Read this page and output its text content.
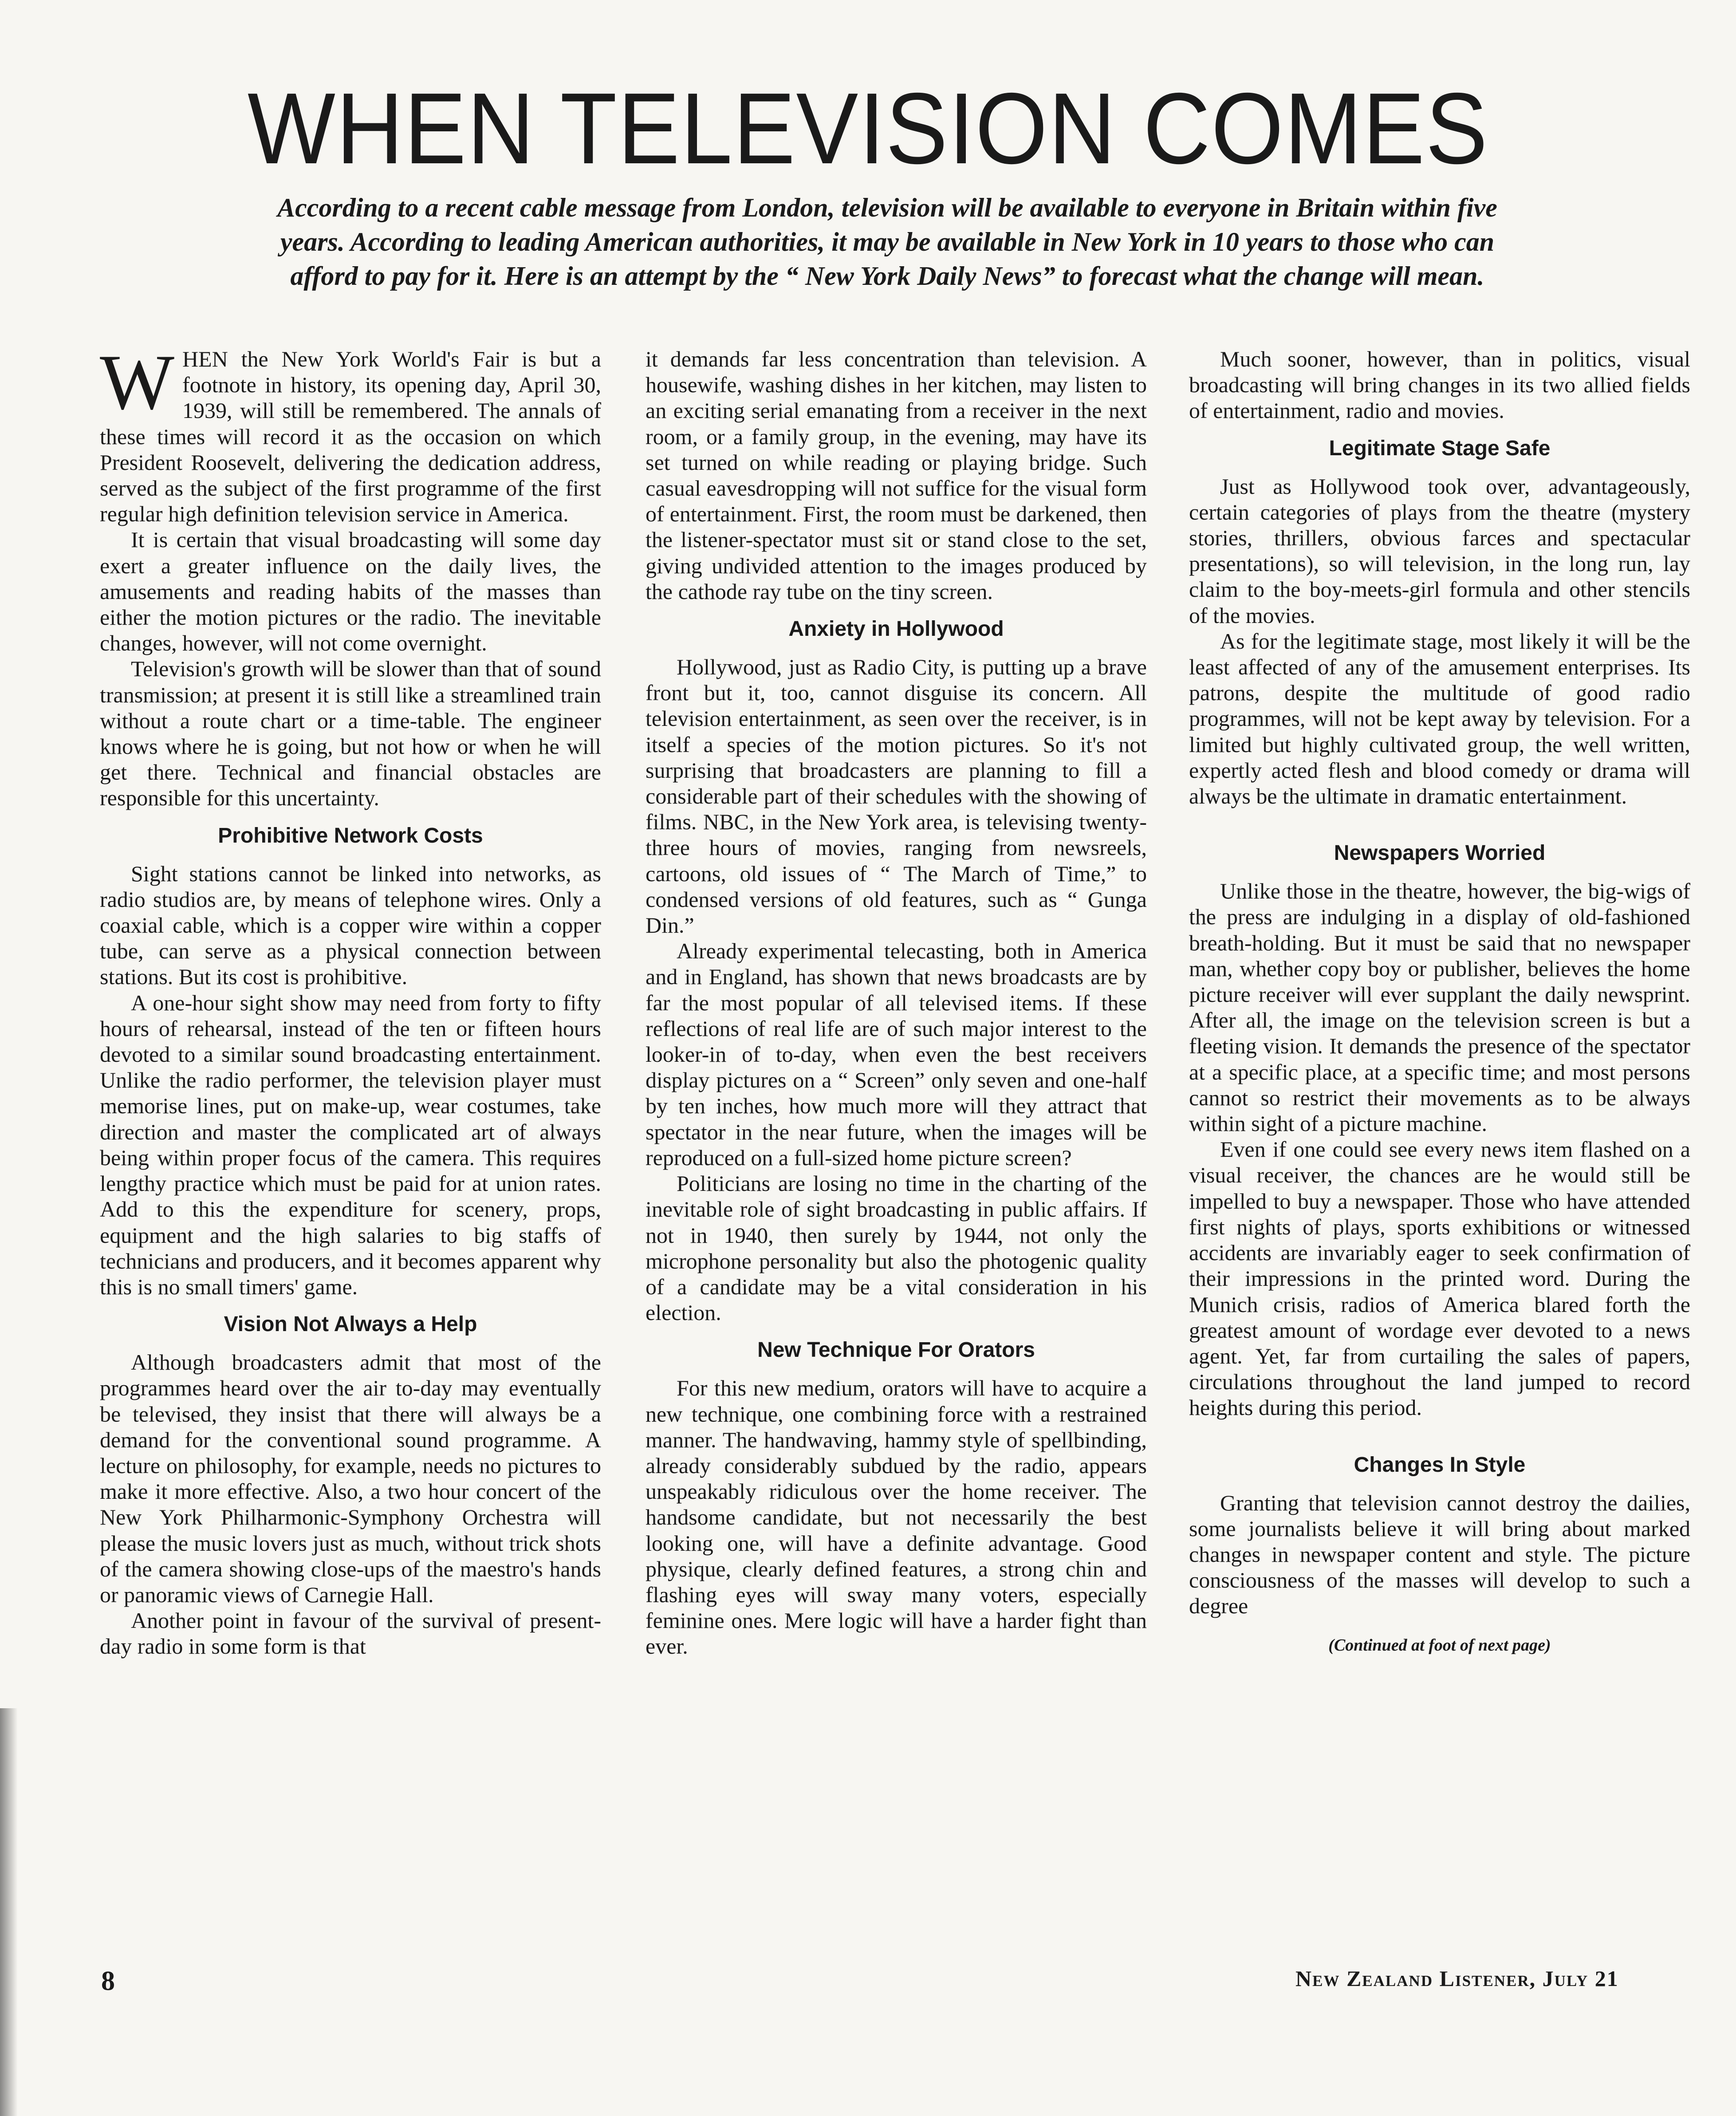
WHEN TELEVISION COMES
According to a recent cable message from London, television will be available to everyone in Britain within five years. According to leading American authorities, it may be available in New York in 10 years to those who can afford to pay for it. Here is an attempt by the “ New York Daily News” to forecast what the change will mean.

WHEN the New York World's Fair is but a footnote in history, its opening day, April 30, 1939, will still be remembered. The annals of these times will record it as the occasion on which President Roosevelt, delivering the dedication address, served as the subject of the first programme of the first regular high definition television service in America.

It is certain that visual broadcasting will some day exert a greater influence on the daily lives, the amusements and reading habits of the masses than either the motion pictures or the radio. The inevitable changes, however, will not come overnight.

Television's growth will be slower than that of sound transmission; at present it is still like a streamlined train without a route chart or a time-table. The engineer knows where he is going, but not how or when he will get there. Technical and financial obstacles are responsible for this uncertainty.

Prohibitive Network Costs

Sight stations cannot be linked into networks, as radio studios are, by means of telephone wires. Only a coaxial cable, which is a copper wire within a copper tube, can serve as a physical connection between stations. But its cost is prohibitive.

A one-hour sight show may need from forty to fifty hours of rehearsal, instead of the ten or fifteen hours devoted to a similar sound broadcasting entertainment. Unlike the radio performer, the television player must memorise lines, put on make-up, wear costumes, take direction and master the complicated art of always being within proper focus of the camera. This requires lengthy practice which must be paid for at union rates. Add to this the expenditure for scenery, props, equipment and the high salaries to big staffs of technicians and producers, and it becomes apparent why this is no small timers' game.

Vision Not Always a Help

Although broadcasters admit that most of the programmes heard over the air to-day may eventually be televised, they insist that there will always be a demand for the conventional sound programme. A lecture on philosophy, for example, needs no pictures to make it more effective. Also, a two hour concert of the New York Philharmonic-Symphony Orchestra will please the music lovers just as much, without trick shots of the camera showing close-ups of the maestro's hands or panoramic views of Carnegie Hall.

Another point in favour of the survival of present-day radio in some form is that

it demands far less concentration than television. A housewife, washing dishes in her kitchen, may listen to an exciting serial emanating from a receiver in the next room, or a family group, in the evening, may have its set turned on while reading or playing bridge. Such casual eavesdropping will not suffice for the visual form of entertainment. First, the room must be darkened, then the listener-spectator must sit or stand close to the set, giving undivided attention to the images produced by the cathode ray tube on the tiny screen.

Anxiety in Hollywood

Hollywood, just as Radio City, is putting up a brave front but it, too, cannot disguise its concern. All television entertainment, as seen over the receiver, is in itself a species of the motion pictures. So it's not surprising that broadcasters are planning to fill a considerable part of their schedules with the showing of films. NBC, in the New York area, is televising twenty-three hours of movies, ranging from newsreels, cartoons, old issues of “ The March of Time,” to condensed versions of old features, such as “ Gunga Din.”

Already experimental telecasting, both in America and in England, has shown that news broadcasts are by far the most popular of all televised items. If these reflections of real life are of such major interest to the looker-in of to-day, when even the best receivers display pictures on a “ Screen” only seven and one-half by ten inches, how much more will they attract that spectator in the near future, when the images will be reproduced on a full-sized home picture screen?

Politicians are losing no time in the charting of the inevitable role of sight broadcasting in public affairs. If not in 1940, then surely by 1944, not only the microphone personality but also the photogenic quality of a candidate may be a vital consideration in his election.

New Technique For Orators

For this new medium, orators will have to acquire a new technique, one combining force with a restrained manner. The handwaving, hammy style of spellbinding, already considerably subdued by the radio, appears unspeakably ridiculous over the home receiver. The handsome candidate, but not necessarily the best looking one, will have a definite advantage. Good physique, clearly defined features, a strong chin and flashing eyes will sway many voters, especially feminine ones. Mere logic will have a harder fight than ever.

Much sooner, however, than in politics, visual broadcasting will bring changes in its two allied fields of entertainment, radio and movies.

Legitimate Stage Safe

Just as Hollywood took over, advantageously, certain categories of plays from the theatre (mystery stories, thrillers, obvious farces and spectacular presentations), so will television, in the long run, lay claim to the boy-meets-girl formula and other stencils of the movies.

As for the legitimate stage, most likely it will be the least affected of any of the amusement enterprises. Its patrons, despite the multitude of good radio programmes, will not be kept away by television. For a limited but highly cultivated group, the well written, expertly acted flesh and blood comedy or drama will always be the ultimate in dramatic entertainment.

Newspapers Worried

Unlike those in the theatre, however, the big-wigs of the press are indulging in a display of old-fashioned breath-holding. But it must be said that no newspaper man, whether copy boy or publisher, believes the home picture receiver will ever supplant the daily newsprint. After all, the image on the television screen is but a fleeting vision. It demands the presence of the spectator at a specific place, at a specific time; and most persons cannot so restrict their movements as to be always within sight of a picture machine.

Even if one could see every news item flashed on a visual receiver, the chances are he would still be impelled to buy a newspaper. Those who have attended first nights of plays, sports exhibitions or witnessed accidents are invariably eager to seek confirmation of their impressions in the printed word. During the Munich crisis, radios of America blared forth the greatest amount of wordage ever devoted to a news agent. Yet, far from curtailing the sales of papers, circulations throughout the land jumped to record heights during this period.

Changes In Style

Granting that television cannot destroy the dailies, some journalists believe it will bring about marked changes in newspaper content and style. The picture consciousness of the masses will develop to such a degree

(Continued at foot of next page)
8	New Zealand Listener, July 21
